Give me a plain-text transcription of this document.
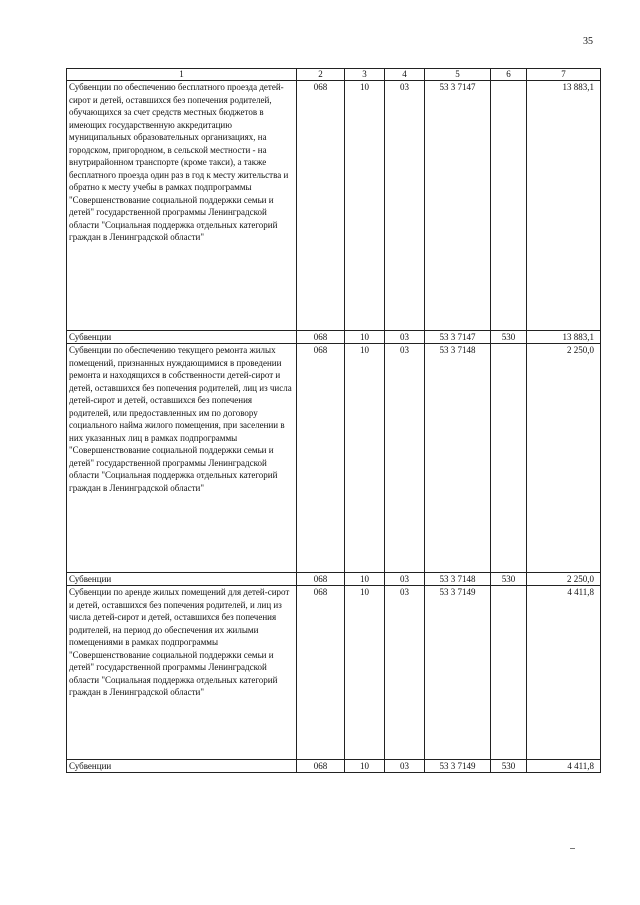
35
1	2	3	4	5	6	7
Субвенции по обеспечению бесплатного проезда детей-сирот и детей, оставшихся без попечения родителей, обучающихся за счет средств местных бюджетов в имеющих государственную аккредитацию муниципальных образовательных организациях, на городском, пригородном, в сельской местности - на внутрирайонном транспорте (кроме такси), а также бесплатного проезда один раз в год к месту жительства и обратно к месту учебы в рамках подпрограммы "Совершенствование социальной поддержки семьи и детей" государственной программы Ленинградской области "Социальная поддержка отдельных категорий граждан в Ленинградской области"	068	10	03	53 3 7147		13 883,1
Субвенции	068	10	03	53 3 7147	530	13 883,1
Субвенции по обеспечению текущего ремонта жилых помещений, признанных нуждающимися в проведении ремонта и находящихся в собственности детей-сирот и детей, оставшихся без попечения родителей, лиц из числа детей-сирот и детей, оставшихся без попечения родителей, или предоставленных им по договору социального найма жилого помещения, при заселении в них указанных лиц в рамках подпрограммы "Совершенствование социальной поддержки семьи и детей" государственной программы Ленинградской области "Социальная поддержка отдельных категорий граждан в Ленинградской области"	068	10	03	53 3 7148		2 250,0
Субвенции	068	10	03	53 3 7148	530	2 250,0
Субвенции по аренде жилых помещений для детей-сирот и детей, оставшихся без попечения родителей, и лиц из числа детей-сирот и детей, оставшихся без попечения родителей, на период до обеспечения их жилыми помещениями в рамках подпрограммы "Совершенствование социальной поддержки семьи и детей" государственной программы Ленинградской области "Социальная поддержка отдельных категорий граждан в Ленинградской области"	068	10	03	53 3 7149		4 411,8
Субвенции	068	10	03	53 3 7149	530	4 411,8
